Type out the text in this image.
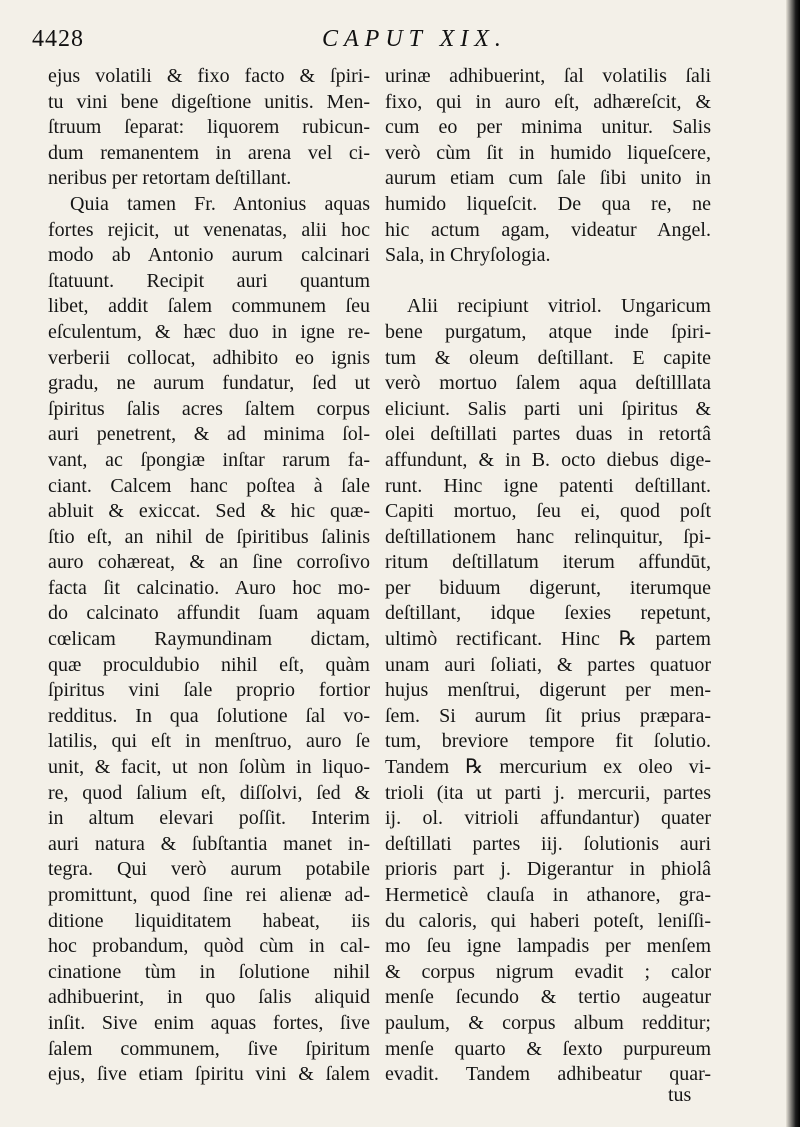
4428	CAPUT XIX.
ejus volatili & fixo facto & ſpiri-
tu vini bene digeſtione unitis. Men-
ſtruum ſeparat: liquorem rubicun-
dum remanentem in arena vel ci-
neribus per retortam deſtillant.
Quia tamen Fr. Antonius aquas
fortes rejicit, ut venenatas, alii hoc
modo ab Antonio aurum calcinari
ſtatuunt. Recipit auri quantum
libet, addit ſalem communem ſeu
eſculentum, & hæc duo in igne re-
verberii collocat, adhibito eo ignis
gradu, ne aurum fundatur, ſed ut
ſpiritus ſalis acres ſaltem corpus
auri penetrent, & ad minima ſol-
vant, ac ſpongiæ inſtar rarum fa-
ciant. Calcem hanc poſtea à ſale
abluit & exiccat. Sed & hic quæ-
ſtio eſt, an nihil de ſpiritibus ſalinis
auro cohæreat, & an ſine corroſivo
facta ſit calcinatio. Auro hoc mo-
do calcinato affundit ſuam aquam
cœlicam Raymundinam dictam,
quæ proculdubio nihil eſt, quàm
ſpiritus vini ſale proprio fortior
redditus. In qua ſolutione ſal vo-
latilis, qui eſt in menſtruo, auro ſe
unit, & facit, ut non ſolùm in liquo-
re, quod ſalium eſt, diſſolvi, ſed &
in altum elevari poſſit. Interim
auri natura & ſubſtantia manet in-
tegra. Qui verò aurum potabile
promittunt, quod ſine rei alienæ ad-
ditione liquiditatem habeat, iis
hoc probandum, quòd cùm in cal-
cinatione tùm in ſolutione nihil
adhibuerint, in quo ſalis aliquid
inſit. Sive enim aquas fortes, ſive
ſalem communem, ſive ſpiritum
ejus, ſive etiam ſpiritu vini & ſalem
urinæ adhibuerint, ſal volatilis ſali
fixo, qui in auro eſt, adhæreſcit, &
cum eo per minima unitur. Salis
verò cùm ſit in humido liqueſcere,
aurum etiam cum ſale ſibi unito in
humido liqueſcit. De qua re, ne
hic actum agam, videatur Angel.
Sala, in Chryſologia.
Alii recipiunt vitriol. Ungaricum
bene purgatum, atque inde ſpiri-
tum & oleum deſtillant. E capite
verò mortuo ſalem aqua deſtilllata
eliciunt. Salis parti uni ſpiritus &
olei deſtillati partes duas in retortâ
affundunt, & in B. octo diebus dige-
runt. Hinc igne patenti deſtillant.
Capiti mortuo, ſeu ei, quod poſt
deſtillationem hanc relinquitur, ſpi-
ritum deſtillatum iterum affundūt,
per biduum digerunt, iterumque
deſtillant, idque ſexies repetunt,
ultimò rectificant. Hinc ℞ partem
unam auri ſoliati, & partes quatuor
hujus menſtrui, digerunt per men-
ſem. Si aurum ſit prius præpara-
tum, breviore tempore fit ſolutio.
Tandem ℞ mercurium ex oleo vi-
trioli (ita ut parti j. mercurii, partes
ij. ol. vitrioli affundantur) quater
deſtillati partes iij. ſolutionis auri
prioris part j. Digerantur in phiolâ
Hermeticè clauſa in athanore, gra-
du caloris, qui haberi poteſt, leniſſi-
mo ſeu igne lampadis per menſem
& corpus nigrum evadit ; calor
menſe ſecundo & tertio augeatur
paulum, & corpus album redditur;
menſe quarto & ſexto purpureum
evadit. Tandem adhibeatur quar-
tus
